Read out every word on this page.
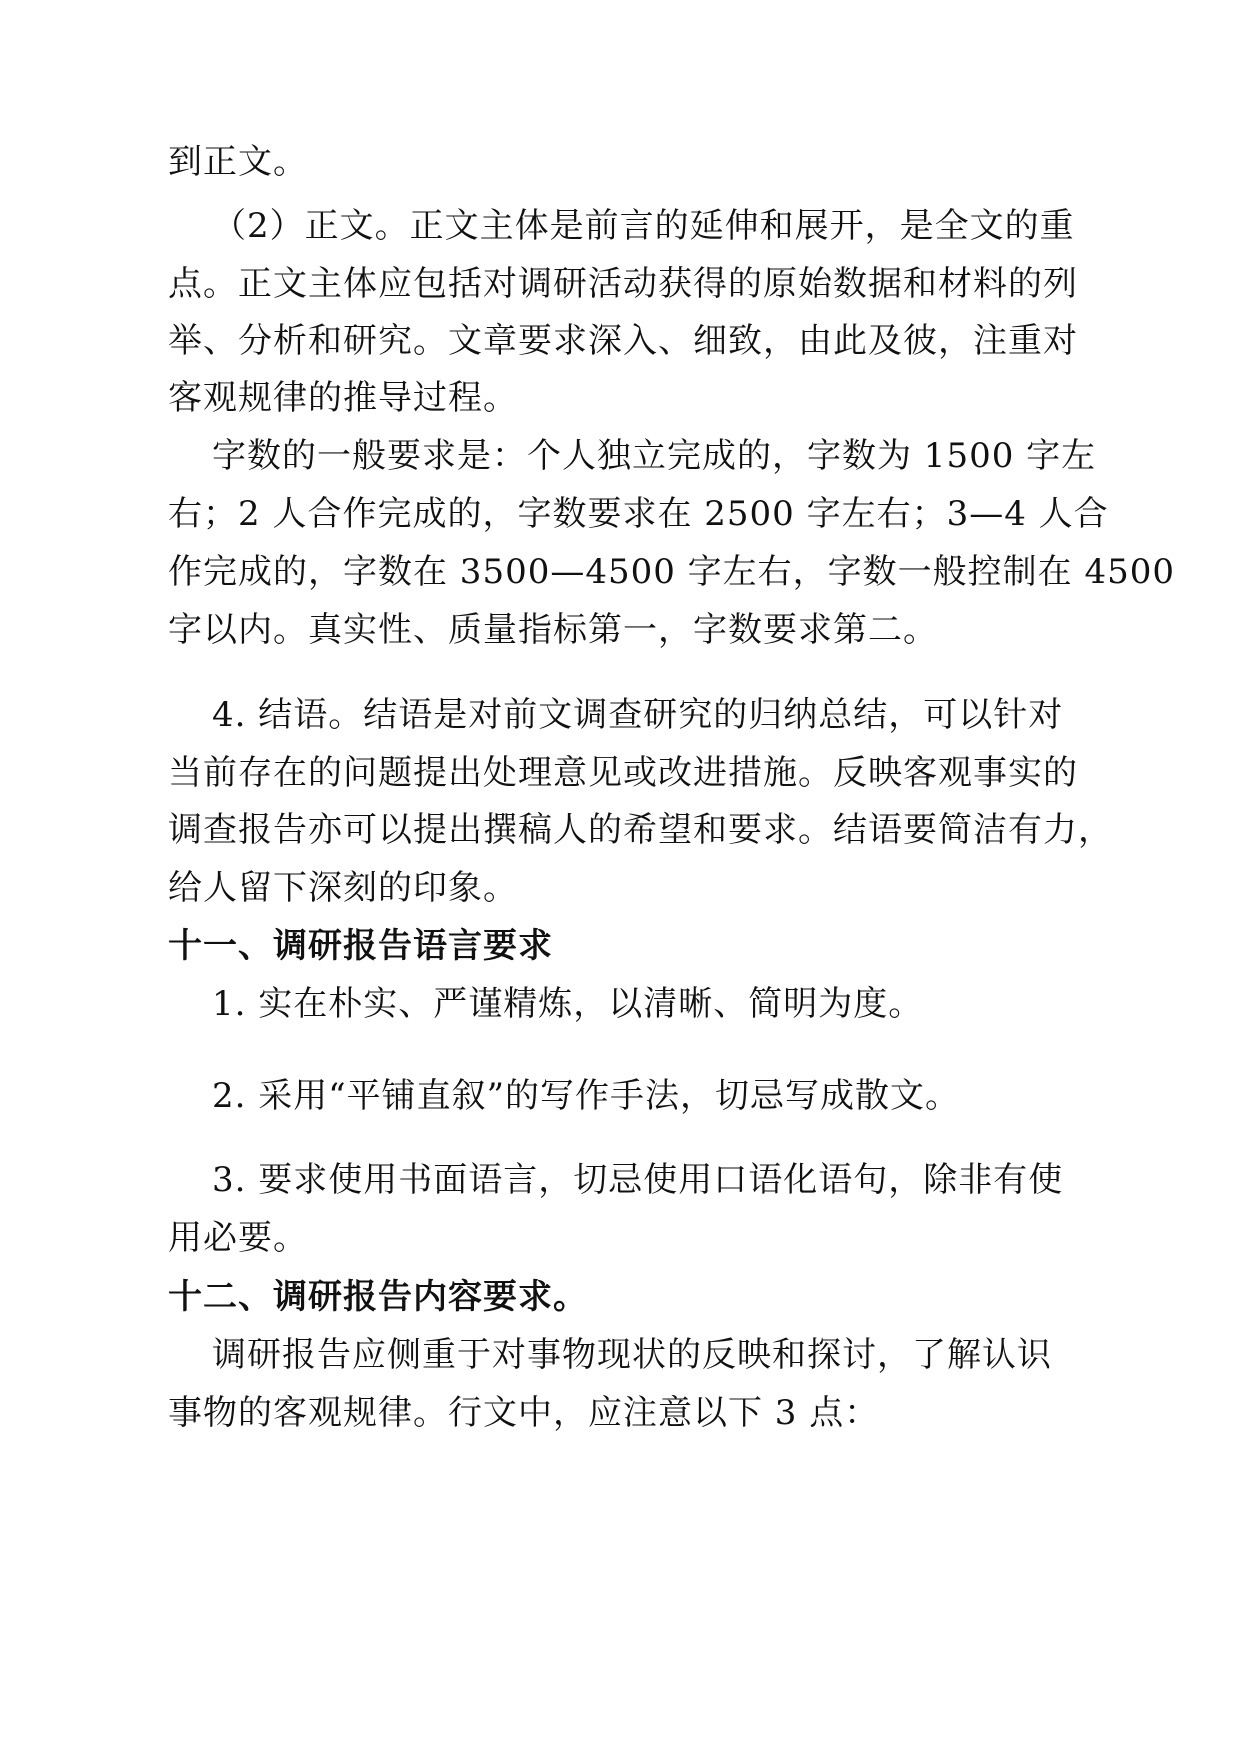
到正文。
（2）正文。正文主体是前言的延伸和展开，是全文的重
点。正文主体应包括对调研活动获得的原始数据和材料的列
举、分析和研究。文章要求深入、细致，由此及彼，注重对
客观规律的推导过程。
字数的一般要求是：个人独立完成的，字数为 1500 字左
右；2 人合作完成的，字数要求在 2500 字左右；3—4 人合
作完成的，字数在 3500—4500 字左右，字数一般控制在 4500
字以内。真实性、质量指标第一，字数要求第二。
4. 结语。结语是对前文调查研究的归纳总结，可以针对
当前存在的问题提出处理意见或改进措施。反映客观事实的
调查报告亦可以提出撰稿人的希望和要求。结语要简洁有力，
给人留下深刻的印象。
十一、调研报告语言要求
1. 实在朴实、严谨精炼，以清晰、简明为度。
2. 采用“平铺直叙”的写作手法，切忌写成散文。
3. 要求使用书面语言，切忌使用口语化语句，除非有使
用必要。
十二、调研报告内容要求。
调研报告应侧重于对事物现状的反映和探讨，了解认识
事物的客观规律。行文中，应注意以下 3 点：
